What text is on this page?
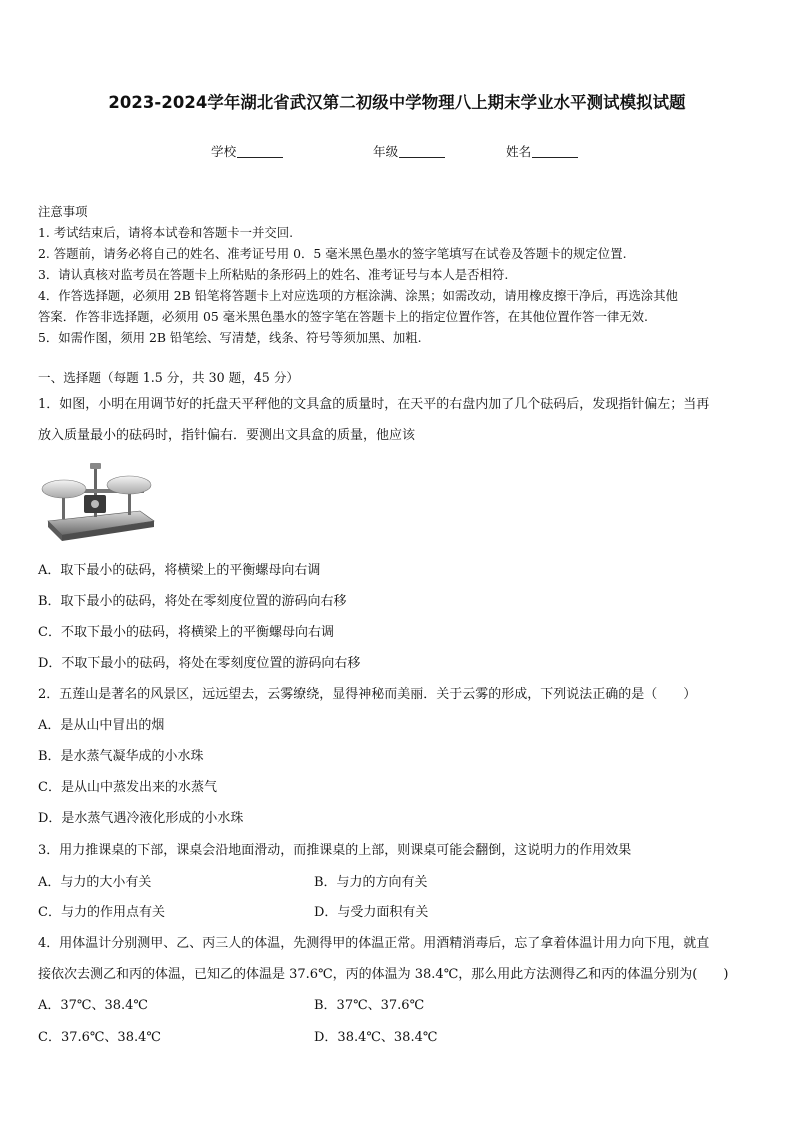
2023-2024学年湖北省武汉第二初级中学物理八上期末学业水平测试模拟试题
学校	年级	姓名
注意事项
1. 考试结束后，请将本试卷和答题卡一并交回.
2. 答题前，请务必将自己的姓名、准考证号用 0．5 毫米黑色墨水的签字笔填写在试卷及答题卡的规定位置.
3．请认真核对监考员在答题卡上所粘贴的条形码上的姓名、准考证号与本人是否相符.
4．作答选择题，必须用 2B 铅笔将答题卡上对应选项的方框涂满、涂黑；如需改动，请用橡皮擦干净后，再选涂其他
答案．作答非选择题，必须用 05 毫米黑色墨水的签字笔在答题卡上的指定位置作答，在其他位置作答一律无效.
5．如需作图，须用 2B 铅笔绘、写清楚，线条、符号等须加黑、加粗.
一、选择题（每题 1.5 分，共 30 题，45 分）
1．如图，小明在用调节好的托盘天平秤他的文具盒的质量时，在天平的右盘内加了几个砝码后，发现指针偏左；当再
放入质量最小的砝码时，指针偏右．要测出文具盒的质量，他应该
A．取下最小的砝码，将横梁上的平衡螺母向右调
B．取下最小的砝码，将处在零刻度位置的游码向右移
C．不取下最小的砝码，将横梁上的平衡螺母向右调
D．不取下最小的砝码，将处在零刻度位置的游码向右移
2．五莲山是著名的风景区，远远望去，云雾缭绕，显得神秘而美丽．关于云雾的形成，下列说法正确的是（　　）
A．是从山中冒出的烟
B．是水蒸气凝华成的小水珠
C．是从山中蒸发出来的水蒸气
D．是水蒸气遇冷液化形成的小水珠
3．用力推课桌的下部，课桌会沿地面滑动，而推课桌的上部，则课桌可能会翻倒，这说明力的作用效果
A．与力的大小有关	B．与力的方向有关
C．与力的作用点有关	D．与受力面积有关
4．用体温计分别测甲、乙、丙三人的体温，先测得甲的体温正常。用酒精消毒后，忘了拿着体温计用力向下甩，就直
接依次去测乙和丙的体温，已知乙的体温是 37.6℃，丙的体温为 38.4℃，那么用此方法测得乙和丙的体温分别为(　　)
A．37℃、38.4℃	B．37℃、37.6℃
C．37.6℃、38.4℃	D．38.4℃、38.4℃
